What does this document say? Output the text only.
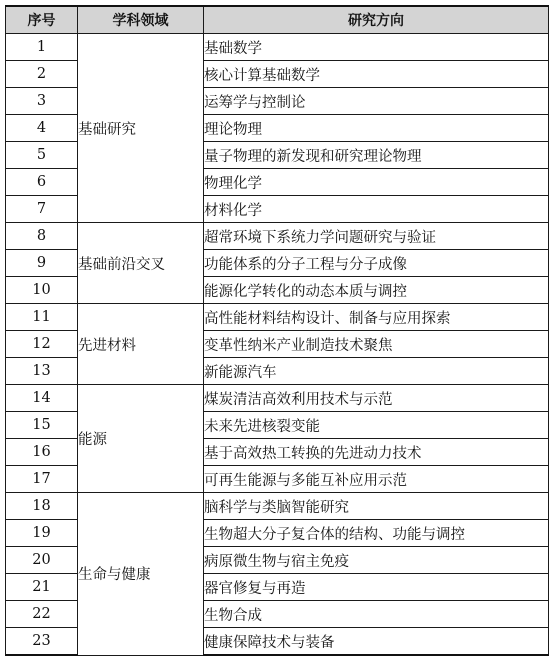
序号	学科领域	研究方向
1	基础研究	基础数学
2		核心计算基础数学
3		运筹学与控制论
4		理论物理
5		量子物理的新发现和研究理论物理
6		物理化学
7		材料化学
8	基础前沿交叉	超常环境下系统力学问题研究与验证
9		功能体系的分子工程与分子成像
10		能源化学转化的动态本质与调控
11	先进材料	高性能材料结构设计、制备与应用探索
12		变革性纳米产业制造技术聚焦
13		新能源汽车
14	能源	煤炭清洁高效利用技术与示范
15		未来先进核裂变能
16		基于高效热工转换的先进动力技术
17		可再生能源与多能互补应用示范
18	生命与健康	脑科学与类脑智能研究
19		生物超大分子复合体的结构、功能与调控
20		病原微生物与宿主免疫
21		器官修复与再造
22		生物合成
23		健康保障技术与装备
